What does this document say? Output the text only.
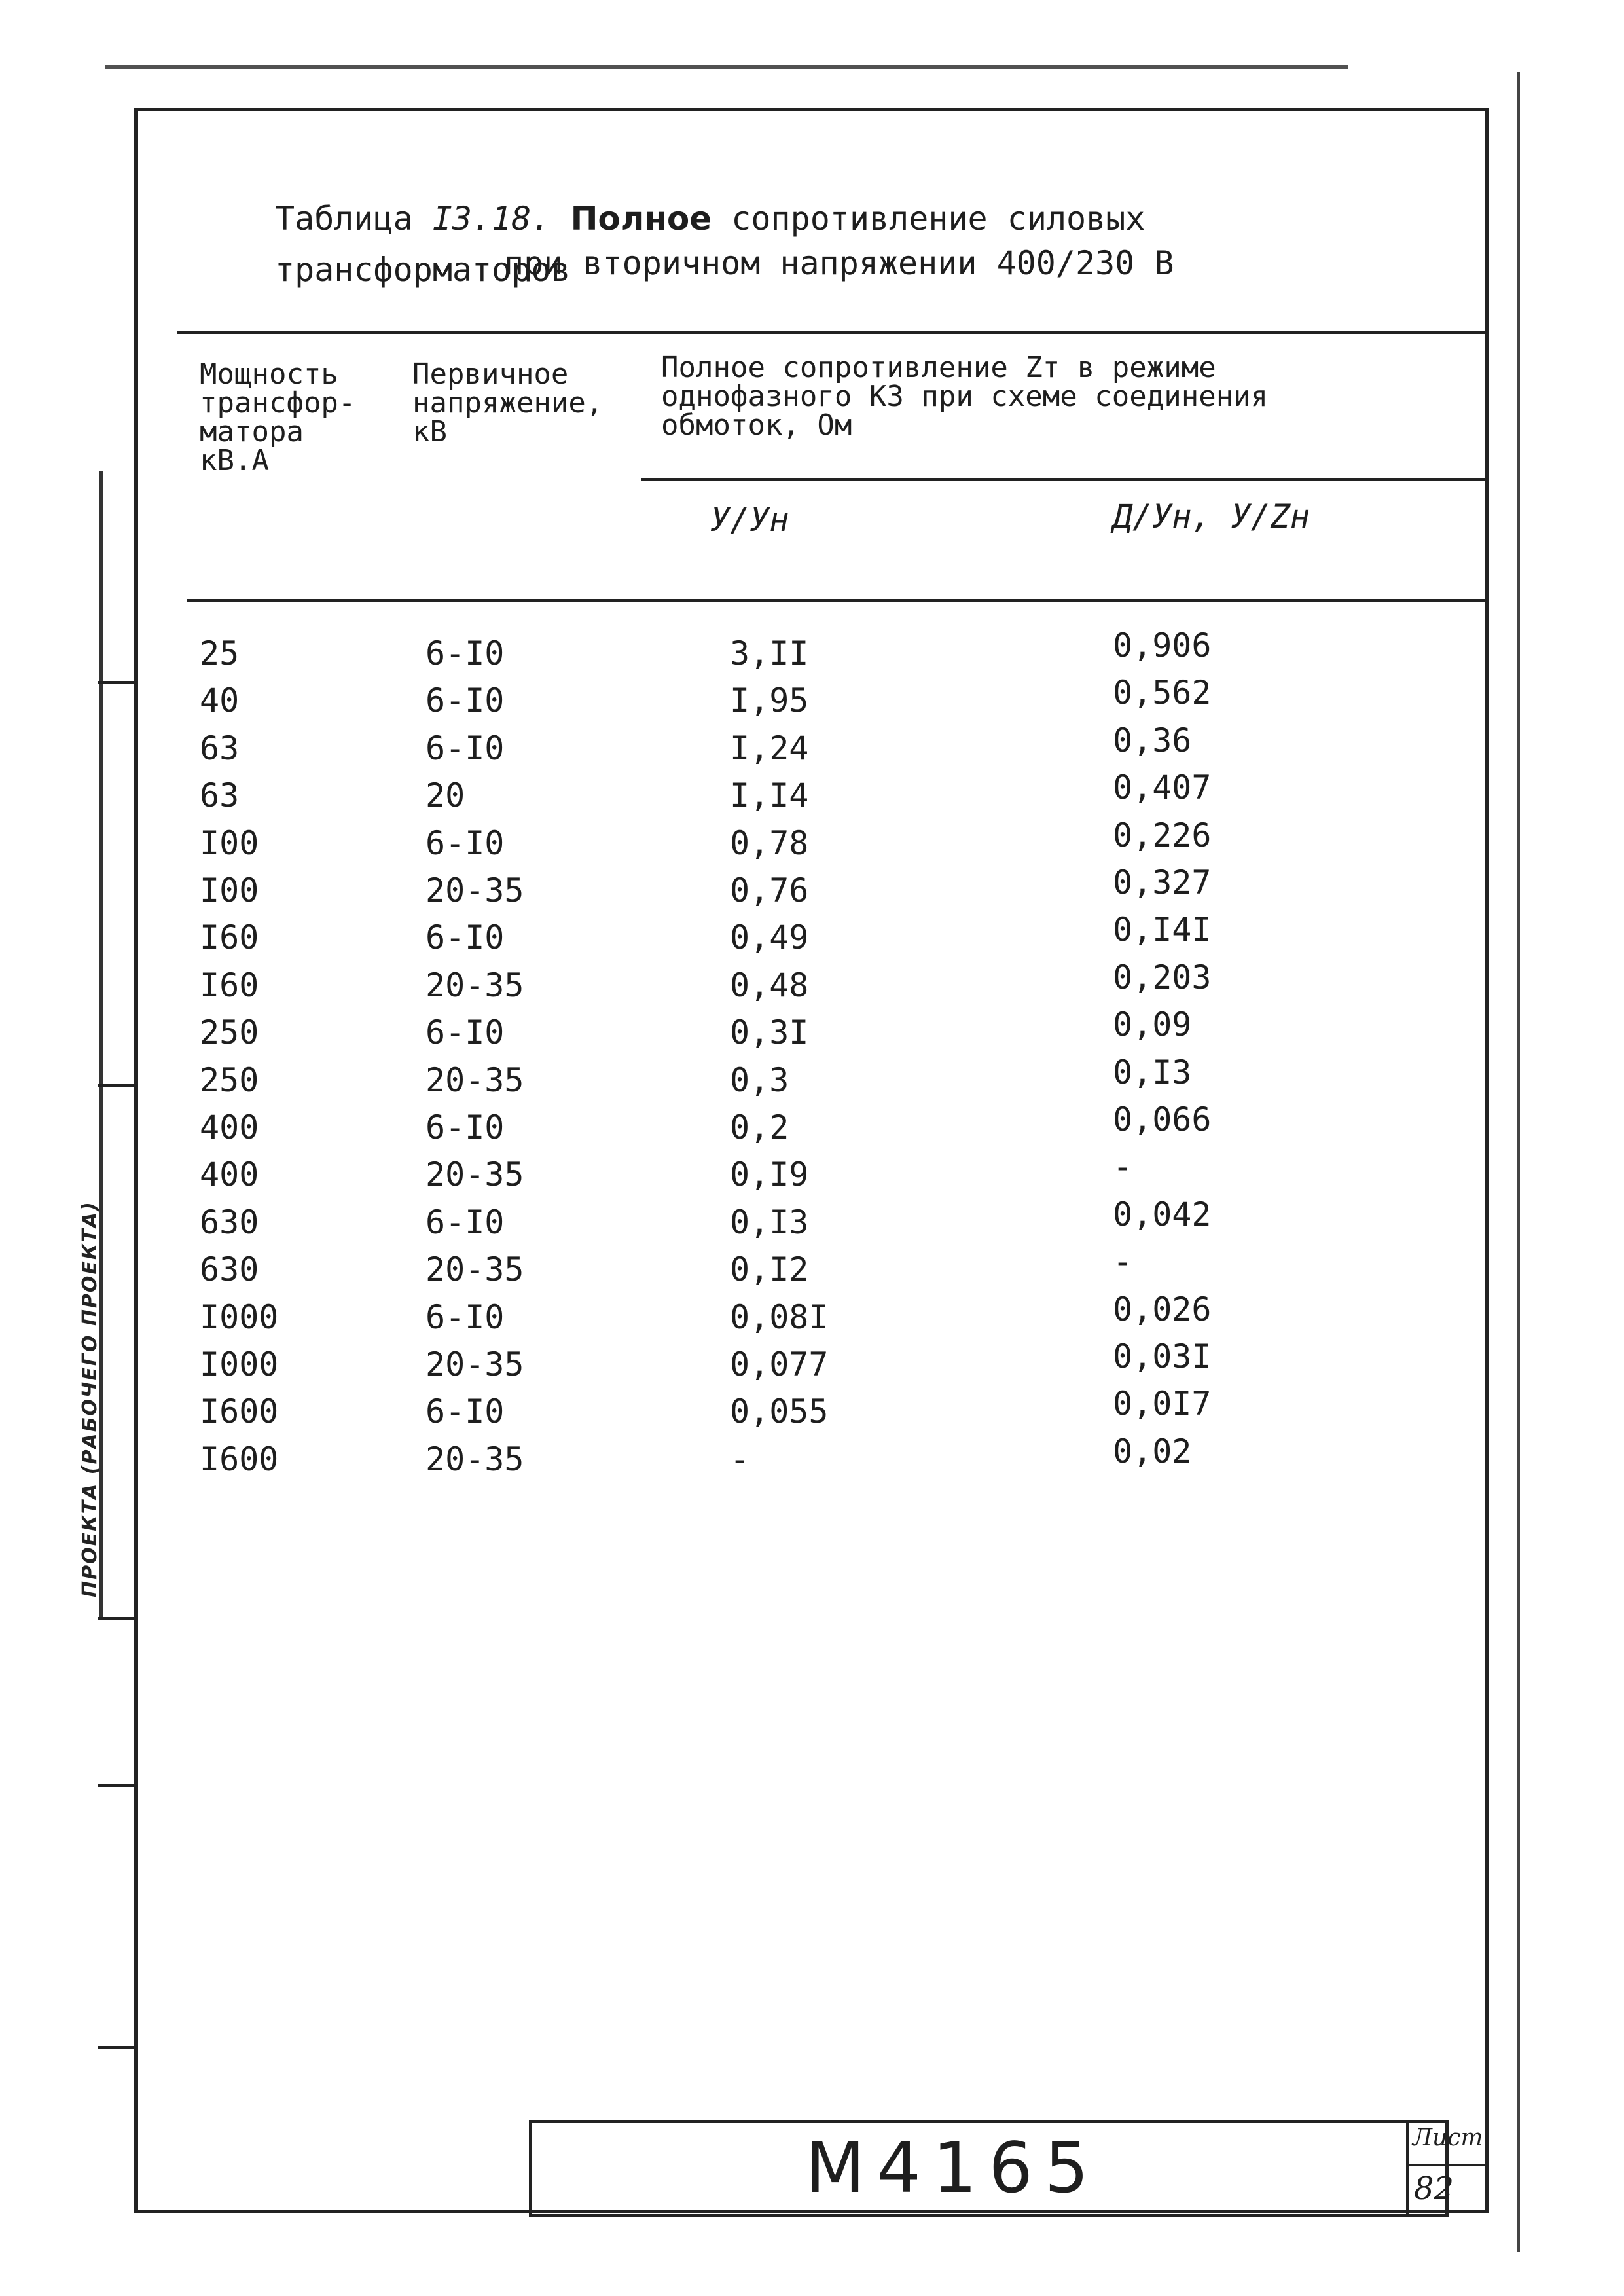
ПРОЕКТА (РАБОЧЕГО ПРОЕКТА)
Таблица I3.18. Полное сопротивление силовых трансформаторов
при вторичном напряжении 400/230 В
Мощность
трансфор-
матора
кВ.А
Первичное
напряжение,
кВ
Полное сопротивление Zт в режиме
однофазного КЗ при схеме соединения
обмоток, Ом
У/Ун	Д/Ун, У/Zн
25	6-I0	3,II	0,906
40	6-I0	I,95	0,562
63	6-I0	I,24	0,36
63	20	I,I4	0,407
I00	6-I0	0,78	0,226
I00	20-35	0,76	0,327
I60	6-I0	0,49	0,I4I
I60	20-35	0,48	0,203
250	6-I0	0,3I	0,09
250	20-35	0,3	0,I3
400	6-I0	0,2	0,066
400	20-35	0,I9	-
630	6-I0	0,I3	0,042
630	20-35	0,I2	-
I000	6-I0	0,08I	0,026
I000	20-35	0,077	0,03I
I600	6-I0	0,055	0,0I7
I600	20-35	-	0,02
М4165	Лист
82
